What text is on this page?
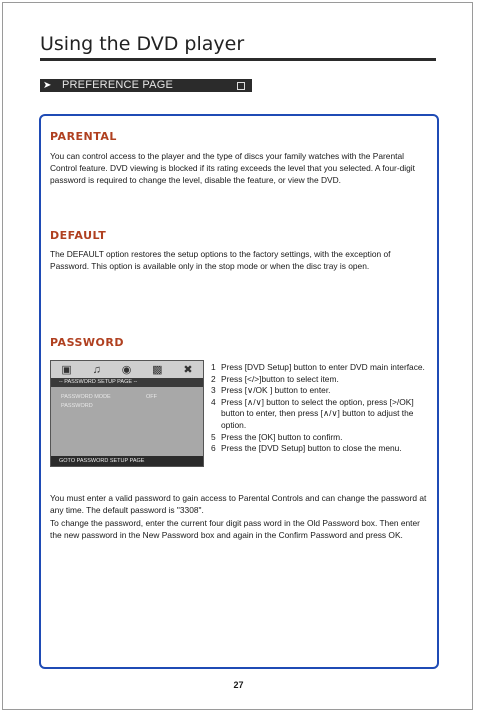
Using the DVD player
➤ PREFERENCE PAGE
PARENTAL

You can control access to the player and the type of discs your family watches with the Parental Control feature. DVD viewing is blocked if its rating exceeds the level that you selected. A four-digit password is required to change the level, disable the feature, or view the DVD.

DEFAULT

The DEFAULT option restores the setup options to the factory settings, with the exception of Password. This option is available only in the stop mode or when the disc tray is open.

PASSWORD
▣ ♫ ◉ ▩ ✖
-- PASSWORD SETUP PAGE --
PASSWORD MODE	OFF
PASSWORD
GOTO PASSWORD SETUP PAGE
1 Press [DVD Setup] button to enter DVD main interface.
2 Press [</>]button to select item.
3 Press [∨/OK ] button to enter.
4 Press [∧/∨] button to select the option, press [>/OK] button to enter, then press [∧/∨] button to adjust the option.
5 Press the [OK] button to confirm.
6 Press the [DVD Setup] button to close the menu.

You must enter a valid password to gain access to Parental Controls and can change the password at any time. The default password is "3308".

To change the password, enter the current four digit pass word in the Old Password box. Then enter the new password in the New Password box and again in the Confirm Password and press OK.

27
